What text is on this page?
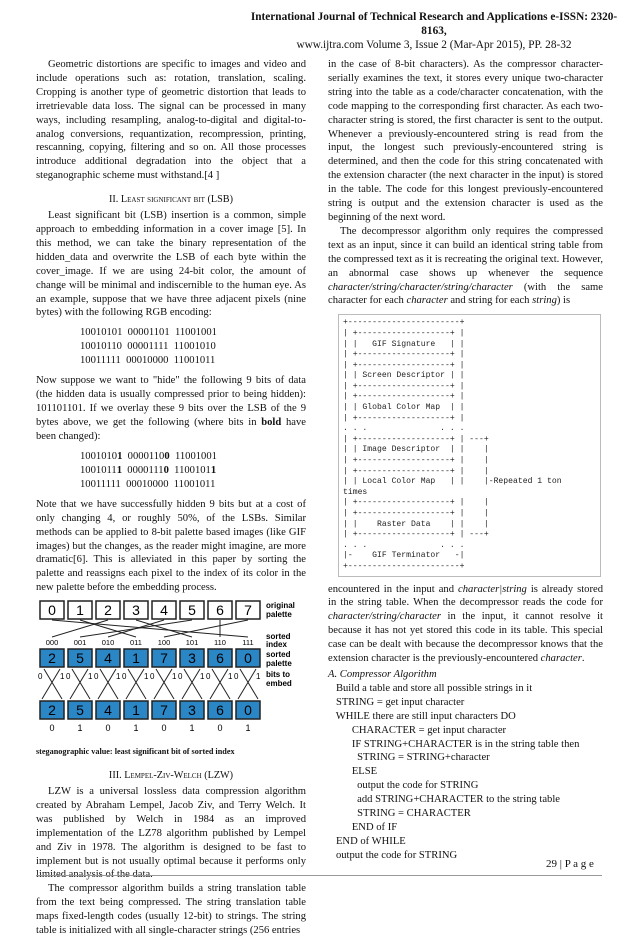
International Journal of Technical Research and Applications e-ISSN: 2320-8163,
www.ijtra.com Volume 3, Issue 2 (Mar-Apr 2015), PP. 28-32

Geometric distortions are specific to images and video and include operations such as: rotation, translation, scaling. Cropping is another type of geometric distortion that leads to irretrievable data loss. The signal can be processed in many ways, including resampling, analog-to-digital and digital-to-analog conversions, requantization, recompression, printing, rescanning, copying, filtering and so on. All those processes introduce additional degradation into the object that a steganographic scheme must withstand.[4 ]

II. Least significant bit (LSB)

Least significant bit (LSB) insertion is a common, simple approach to embedding information in a cover image [5]. In this method, we can take the binary representation of the hidden_data and overwrite the LSB of each byte within the cover_image. If we are using 24-bit color, the amount of change will be minimal and indiscernible to the human eye. As an example, suppose that we have three adjacent pixels (nine bytes) with the following RGB encoding:

10010101  00001101  11001001
10010110  00001111  11001010
10011111  00010000  11001011

Now suppose we want to "hide" the following 9 bits of data (the hidden data is usually compressed prior to being hidden): 101101101. If we overlay these 9 bits over the LSB of the 9 bytes above, we get the following (where bits in bold have been changed):

10010101  00001100  11001001
10010111  00001110  11001011
10011111  00010000  11001011

Note that we have successfully hidden 9 bits but at a cost of only changing 4, or roughly 50%, of the LSBs. Similar methods can be applied to 8-bit palette based images (like GIF images) but the changes, as the reader might imagine, are more dramatic[6]. This is alleviated in this paper by sorting the palette and reassigns each pixel to the index of its color in the new palette before the embedding process.

0 1 2 3 4 5 6 7 original
palette
000 001 010 011 100 101 110 111
sorted
index
2 5 4 1 7 3 6 0 sorted
palette
0 1 0 1 0 1 0 1 0 1 0 1 0 1 0 1 bits to
embed
2 5 4 1 7 3 6 0
0	1	0	1	0	1	0	1
steganographic value: least significant bit of sorted index
III. Lempel-Ziv-Welch (LZW)

LZW is a universal lossless data compression algorithm created by Abraham Lempel, Jacob Ziv, and Terry Welch. It was published by Welch in 1984 as an improved implementation of the LZ78 algorithm published by Lempel and Ziv in 1978. The algorithm is designed to be fast to implement but is not usually optimal because it performs only limited analysis of the data.

The compressor algorithm builds a string translation table from the text being compressed. The string translation table maps fixed-length codes (usually 12-bit) to strings. The string table is initialized with all single-character strings (256 entries

in the case of 8-bit characters). As the compressor character-serially examines the text, it stores every unique two-character string into the table as a code/character concatenation, with the code mapping to the corresponding first character. As each two-character string is stored, the first character is sent to the output. Whenever a previously-encountered string is read from the input, the longest such previously-encountered string is determined, and then the code for this string concatenated with the extension character (the next character in the input) is stored in the table. The code for this longest previously-encountered string is output and the extension character is used as the beginning of the next word.

The decompressor algorithm only requires the compressed text as an input, since it can build an identical string table from the compressed text as it is recreating the original text. However, an abnormal case shows up whenever the sequence character/string/character/string/character (with the same character for each character and string for each string) is

+-----------------------+
| +-------------------+ |
| |   GIF Signature   | |
| +-------------------+ |
| +-------------------+ |
| | Screen Descriptor | |
| +-------------------+ |
| +-------------------+ |
| | Global Color Map  | |
| +-------------------+ |
. . .               . . .
| +-------------------+ | ---+
| | Image Descriptor  | |    |
| +-------------------+ |    |
| +-------------------+ |    |
| | Local Color Map   | |    |-Repeated 1 ton
times
| +-------------------+ |    |
| +-------------------+ |    |
| |    Raster Data    | |    |
| +-------------------+ | ---+
. . .               . . .
|-    GIF Terminator   -|
+-----------------------+

encountered in the input and character|string is already stored in the string table. When the decompressor reads the code for character/string/character in the input, it cannot resolve it because it has not yet stored this code in its table. This special case can be dealt with because the decompressor knows that the extension character is the previously-encountered character.

A. Compressor Algorithm
Build a table and store all possible strings in it
STRING = get input character
WHILE there are still input characters DO
CHARACTER = get input character
IF STRING+CHARACTER is in the string table then
STRING = STRING+character
ELSE
output the code for STRING
add STRING+CHARACTER to the string table
STRING = CHARACTER
END of IF
END of WHILE
output the code for STRING
29 | P a g e
